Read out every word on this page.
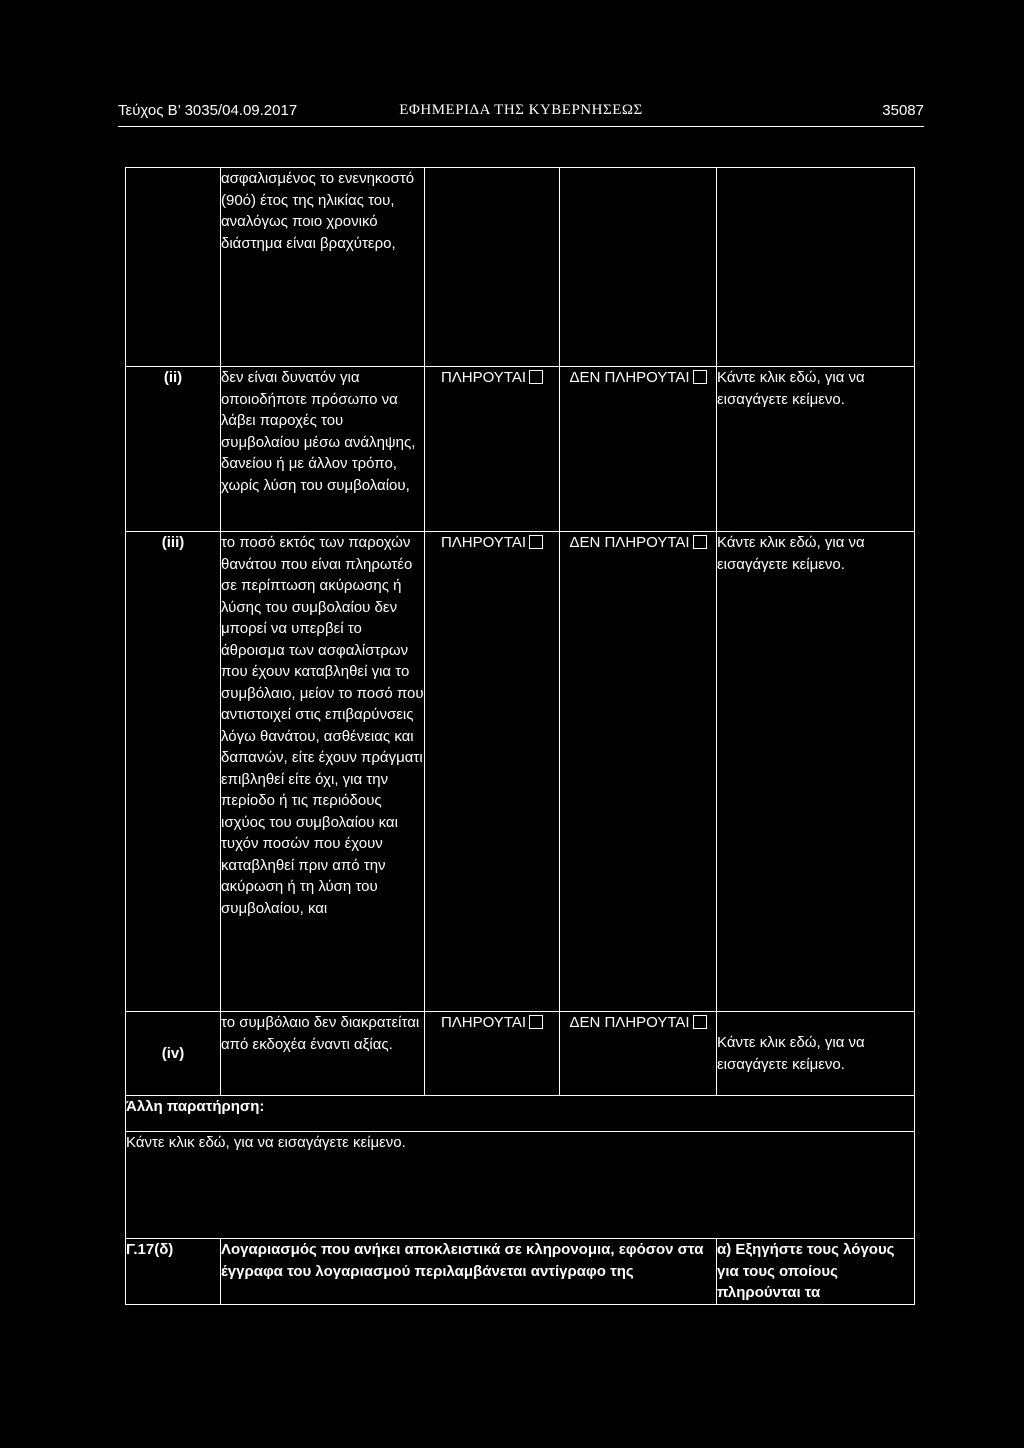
Τεύχος Β’ 3035/04.09.2017	ΕΦΗΜΕΡΙΔΑ ΤΗΣ ΚΥΒΕΡΝΗΣΕΩΣ	35087
	ασφαλισμένος το ενενηκοστό (90ό) έτος της ηλικίας του, αναλόγως ποιο χρονικό διάστημα είναι βραχύτερο,			
(ii)	δεν είναι δυνατόν για οποιοδήποτε πρόσωπο να λάβει παροχές του συμβολαίου μέσω ανάληψης, δανείου ή με άλλον τρόπο, χωρίς λύση του συμβολαίου,	ΠΛΗΡΟΥΤΑΙ	ΔΕΝ ΠΛΗΡΟΥΤΑΙ	Κάντε κλικ εδώ, για να εισαγάγετε κείμενο.
(iii)	το ποσό εκτός των παροχών θανάτου που είναι πληρωτέο σε περίπτωση ακύρωσης ή λύσης του συμβολαίου δεν μπορεί να υπερβεί το άθροισμα των ασφαλίστρων που έχουν καταβληθεί για το συμβόλαιο, μείον το ποσό που αντιστοιχεί στις επιβαρύνσεις λόγω θανάτου, ασθένειας και δαπανών, είτε έχουν πράγματι επιβληθεί είτε όχι, για την περίοδο ή τις περιόδους ισχύος του συμβολαίου και τυχόν ποσών που έχουν καταβληθεί πριν από την ακύρωση ή τη λύση του συμβολαίου, και	ΠΛΗΡΟΥΤΑΙ	ΔΕΝ ΠΛΗΡΟΥΤΑΙ	Κάντε κλικ εδώ, για να εισαγάγετε κείμενο.
(iv)	το συμβόλαιο δεν διακρατείται από εκδοχέα έναντι αξίας.	ΠΛΗΡΟΥΤΑΙ	ΔΕΝ ΠΛΗΡΟΥΤΑΙ	Κάντε κλικ εδώ, για να εισαγάγετε κείμενο.
Άλλη παρατήρηση:				
Κάντε κλικ εδώ, για να εισαγάγετε κείμενο.				
Γ.17(δ)	Λογαριασμός που ανήκει αποκλειστικά σε κληρονομια, εφόσον στα έγγραφα του λογαριασμού περιλαμβάνεται αντίγραφο της			α) Εξηγήστε τους λόγους για τους οποίους πληρούνται τα
